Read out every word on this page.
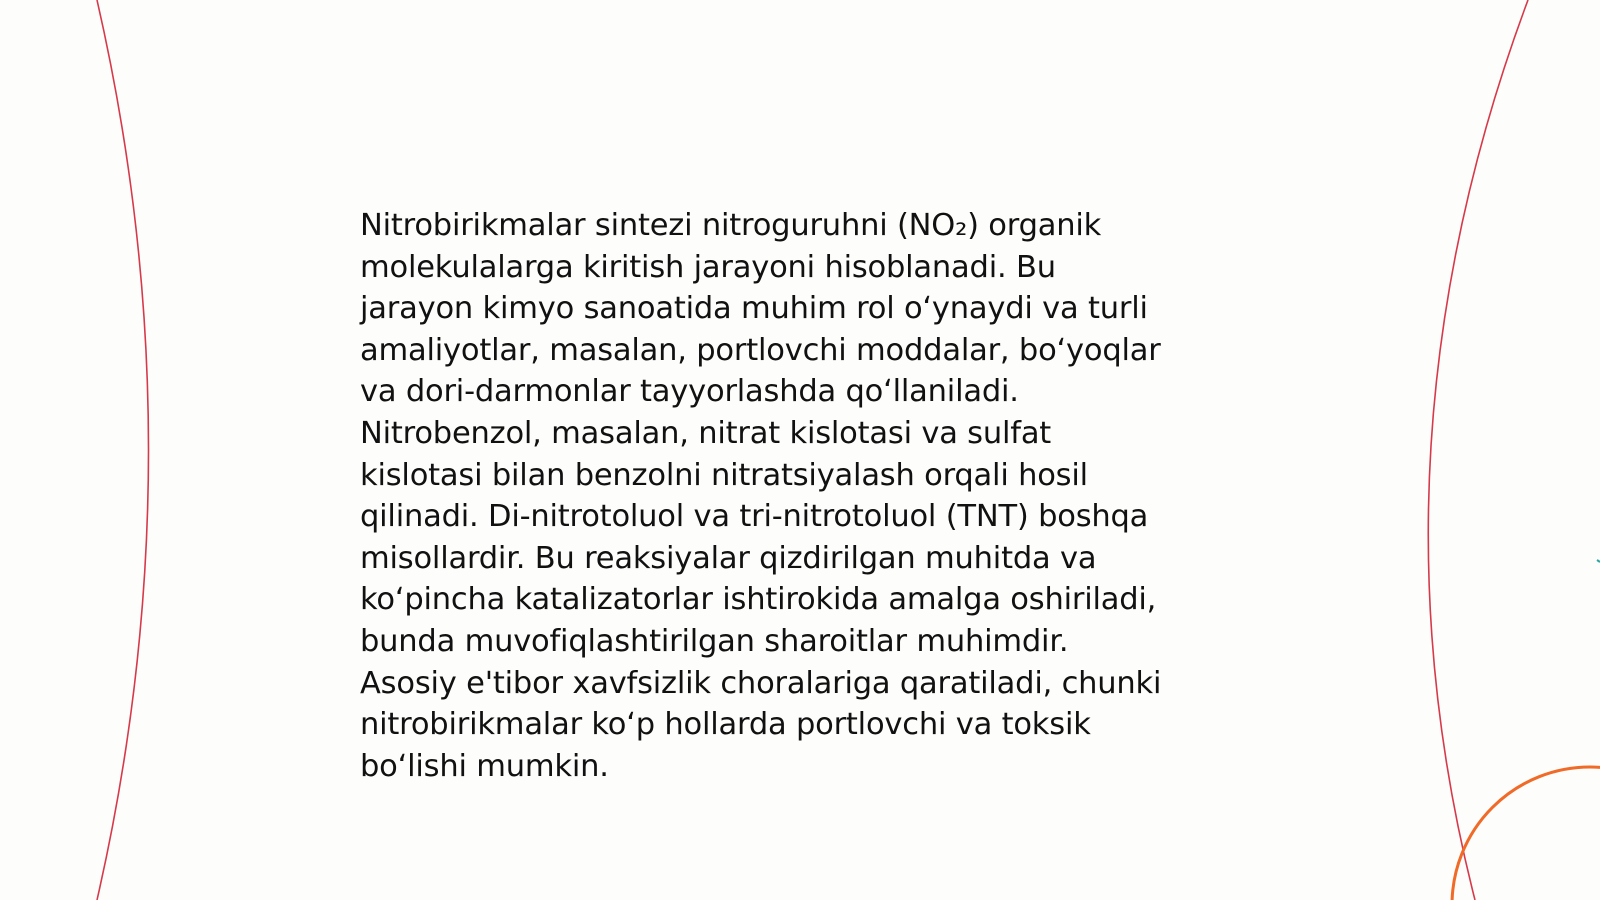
Nitrobirikmalar sintezi nitroguruhni (NO₂) organik
molekulalarga kiritish jarayoni hisoblanadi. Bu
jarayon kimyo sanoatida muhim rol o‘ynaydi va turli
amaliyotlar, masalan, portlovchi moddalar, bo‘yoqlar
va dori-darmonlar tayyorlashda qo‘llaniladi.
Nitrobenzol, masalan, nitrat kislotasi va sulfat
kislotasi bilan benzolni nitratsiyalash orqali hosil
qilinadi. Di-nitrotoluol va tri-nitrotoluol (TNT) boshqa
misollardir. Bu reaksiyalar qizdirilgan muhitda va
ko‘pincha katalizatorlar ishtirokida amalga oshiriladi,
bunda muvofiqlashtirilgan sharoitlar muhimdir.
Asosiy e'tibor xavfsizlik choralariga qaratiladi, chunki
nitrobirikmalar ko‘p hollarda portlovchi va toksik
bo‘lishi mumkin.
